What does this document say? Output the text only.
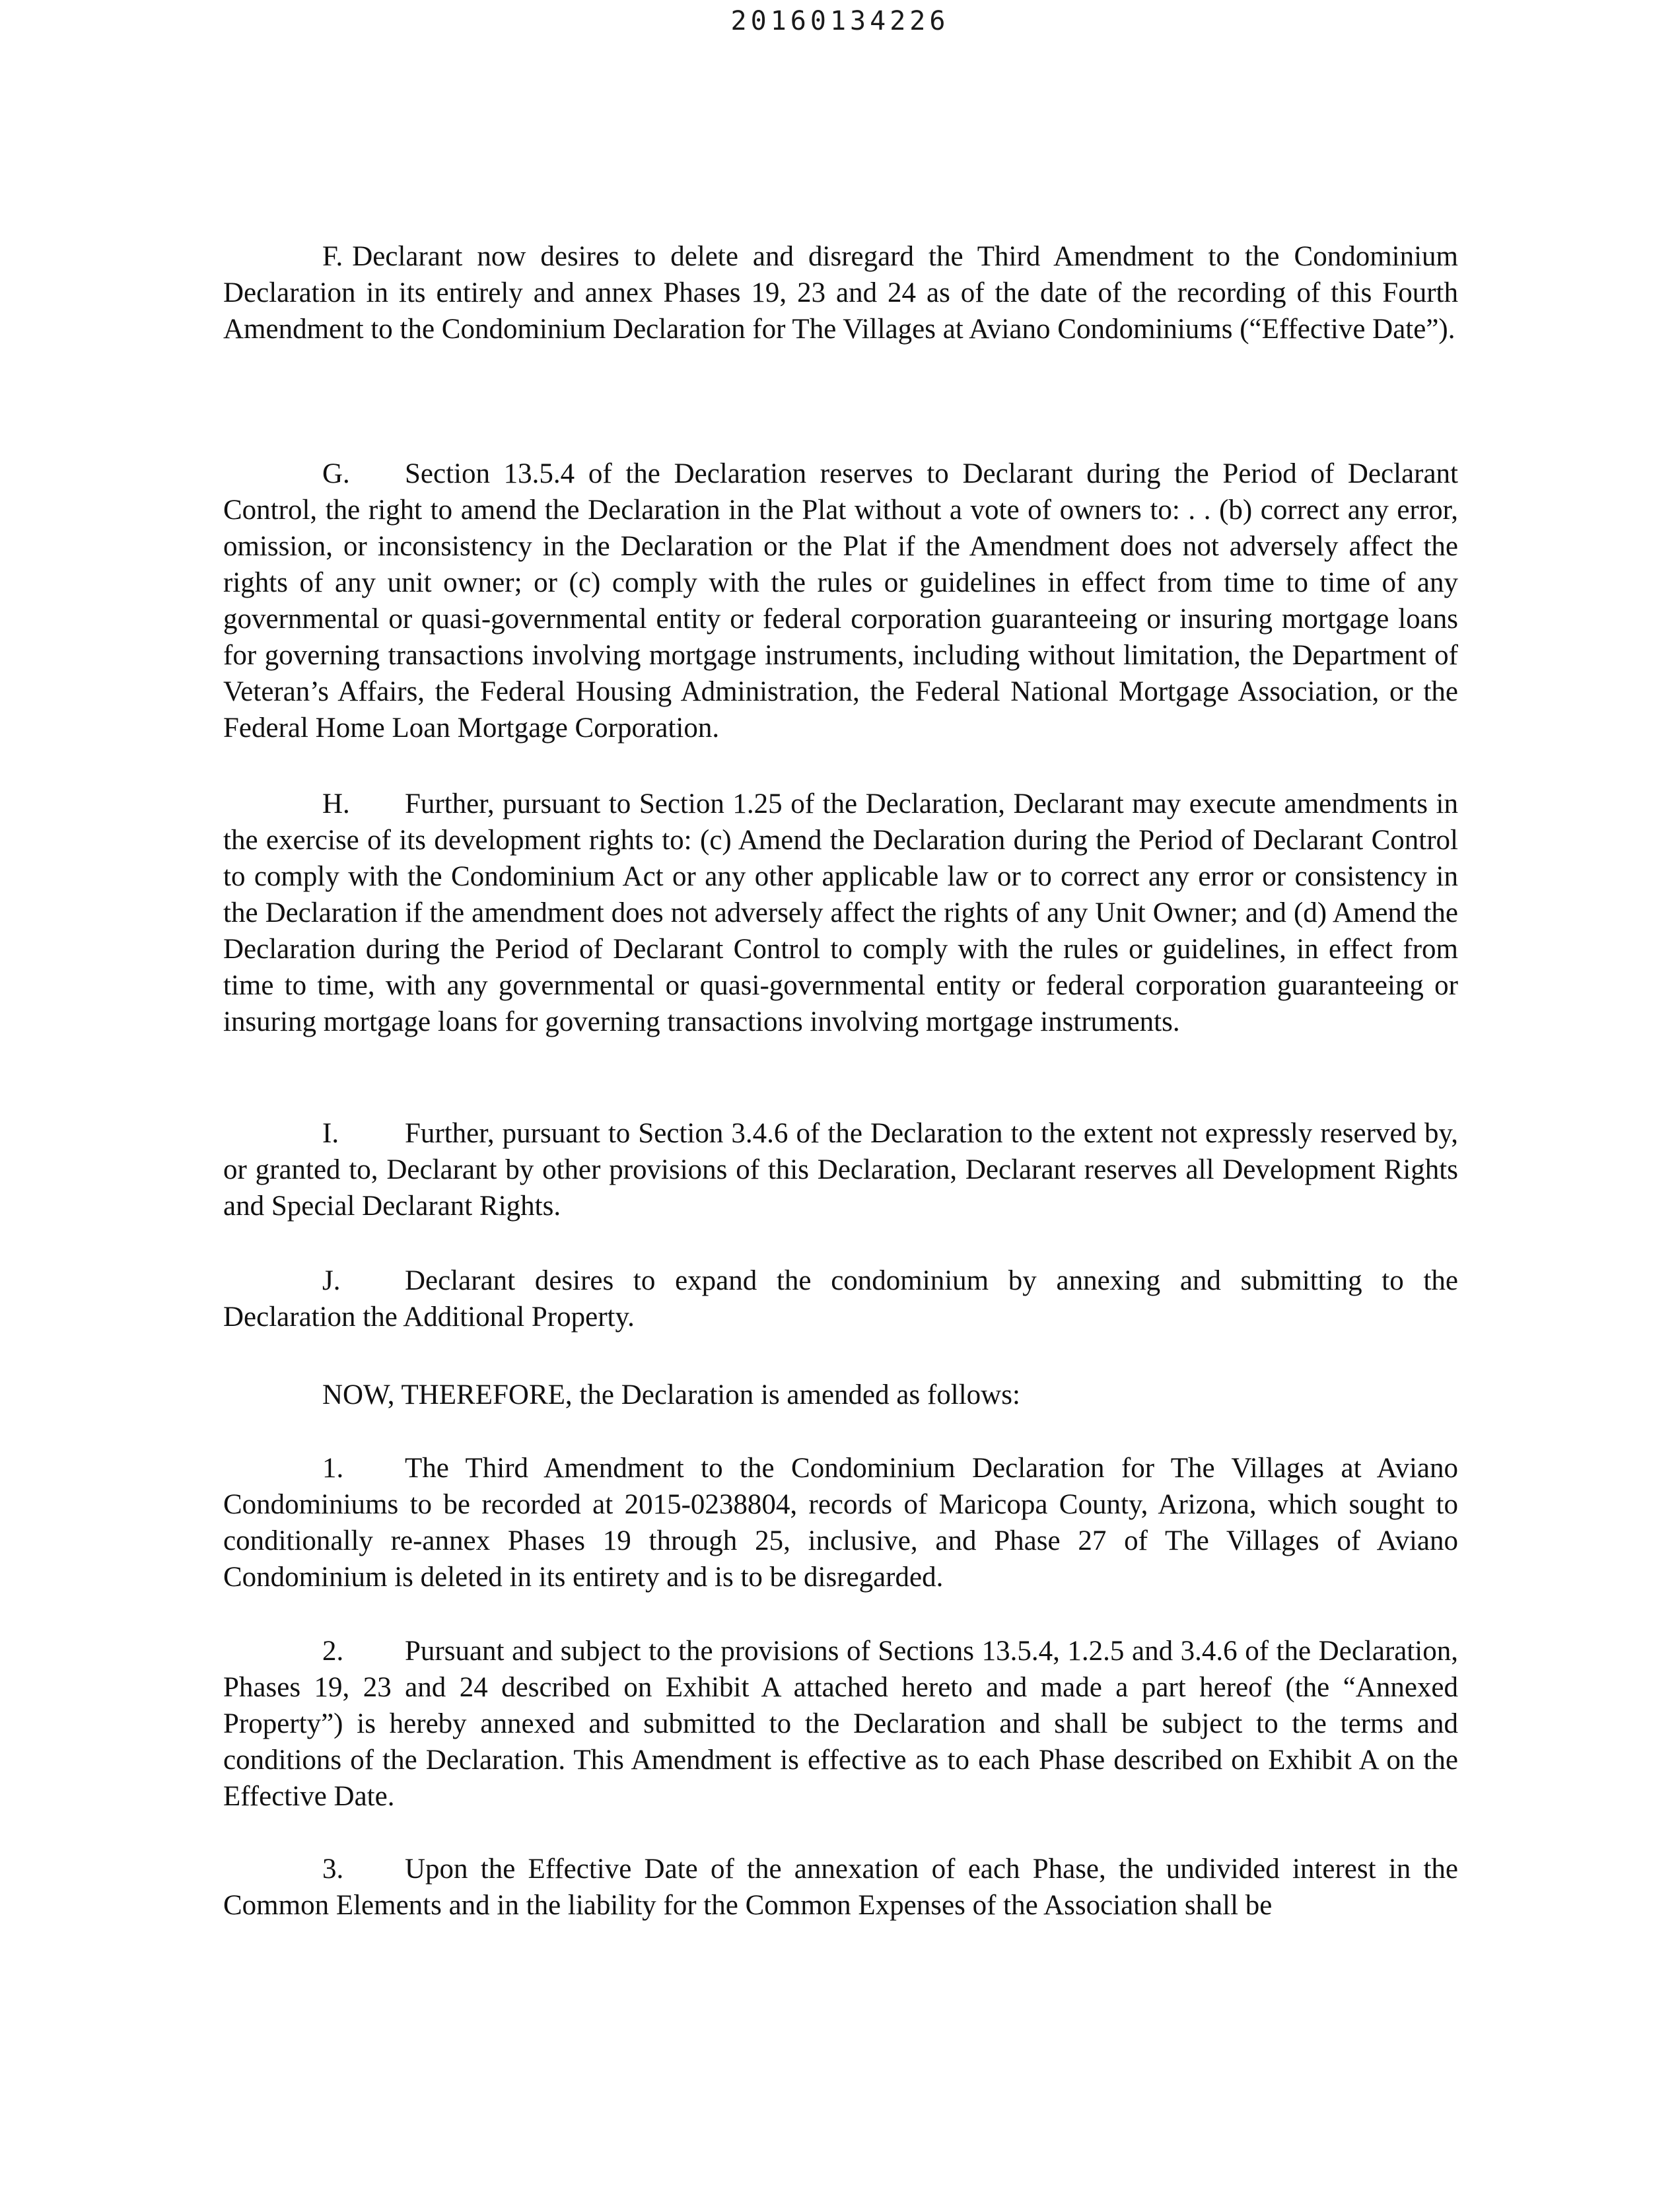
20160134226

F. Declarant now desires to delete and disregard the Third Amendment to the Condominium Declaration in its entirely and annex Phases 19, 23 and 24 as of the date of the recording of this Fourth Amendment to the Condominium Declaration for The Villages at Aviano Condominiums (“Effective Date”).

G. Section 13.5.4 of the Declaration reserves to Declarant during the Period of Declarant Control, the right to amend the Declaration in the Plat without a vote of owners to: . . (b) correct any error, omission, or inconsistency in the Declaration or the Plat if the Amendment does not adversely affect the rights of any unit owner; or (c) comply with the rules or guidelines in effect from time to time of any governmental or quasi-governmental entity or federal corporation guaranteeing or insuring mortgage loans for governing transactions involving mortgage instruments, including without limitation, the Department of Veteran’s Affairs, the Federal Housing Administration, the Federal National Mortgage Association, or the Federal Home Loan Mortgage Corporation.

H. Further, pursuant to Section 1.25 of the Declaration, Declarant may execute amendments in the exercise of its development rights to: (c) Amend the Declaration during the Period of Declarant Control to comply with the Condominium Act or any other applicable law or to correct any error or consistency in the Declaration if the amendment does not adversely affect the rights of any Unit Owner; and (d) Amend the Declaration during the Period of Declarant Control to comply with the rules or guidelines, in effect from time to time, with any governmental or quasi-governmental entity or federal corporation guaranteeing or insuring mortgage loans for governing transactions involving mortgage instruments.

I. Further, pursuant to Section 3.4.6 of the Declaration to the extent not expressly reserved by, or granted to, Declarant by other provisions of this Declaration, Declarant reserves all Development Rights and Special Declarant Rights.

J. Declarant desires to expand the condominium by annexing and submitting to the Declaration the Additional Property.

NOW, THEREFORE, the Declaration is amended as follows:

1. The Third Amendment to the Condominium Declaration for The Villages at Aviano Condominiums to be recorded at 2015-0238804, records of Maricopa County, Arizona, which sought to conditionally re-annex Phases 19 through 25, inclusive, and Phase 27 of The Villages of Aviano Condominium is deleted in its entirety and is to be disregarded.

2. Pursuant and subject to the provisions of Sections 13.5.4, 1.2.5 and 3.4.6 of the Declaration, Phases 19, 23 and 24 described on Exhibit A attached hereto and made a part hereof (the “Annexed Property”) is hereby annexed and submitted to the Declaration and shall be subject to the terms and conditions of the Declaration. This Amendment is effective as to each Phase described on Exhibit A on the Effective Date.

3. Upon the Effective Date of the annexation of each Phase, the undivided interest in the Common Elements and in the liability for the Common Expenses of the Association shall be
